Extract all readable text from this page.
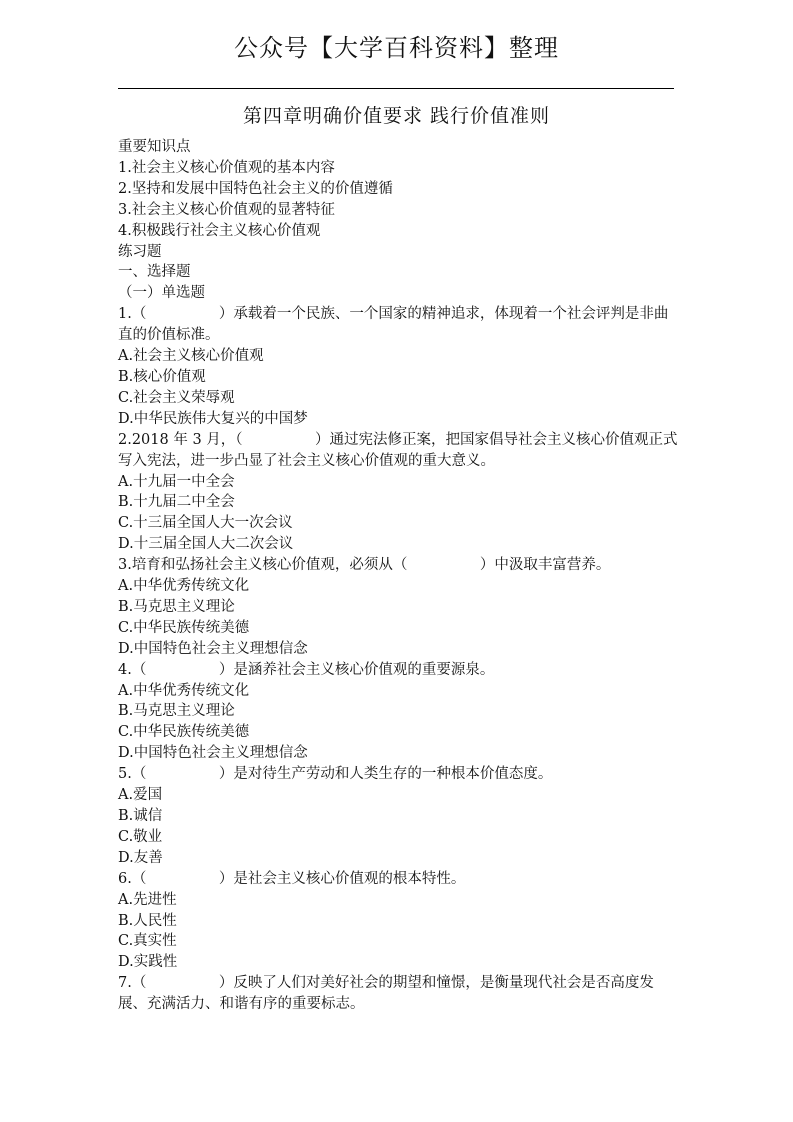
公众号【大学百科资料】整理
第四章明确价值要求 践行价值准则
重要知识点
1.社会主义核心价值观的基本内容
2.坚持和发展中国特色社会主义的价值遵循
3.社会主义核心价值观的显著特征
4.积极践行社会主义核心价值观
练习题
一、选择题
（一）单选题
1.（　　　　　）承载着一个民族、一个国家的精神追求，体现着一个社会评判是非曲直的价值标准。
A.社会主义核心价值观
B.核心价值观
C.社会主义荣辱观
D.中华民族伟大复兴的中国梦
2.2018 年 3 月，（　　　　　）通过宪法修正案，把国家倡导社会主义核心价值观正式写入宪法，进一步凸显了社会主义核心价值观的重大意义。
A.十九届一中全会
B.十九届二中全会
C.十三届全国人大一次会议
D.十三届全国人大二次会议
3.培育和弘扬社会主义核心价值观，必须从（　　　　　）中汲取丰富营养。
A.中华优秀传统文化
B.马克思主义理论
C.中华民族传统美德
D.中国特色社会主义理想信念
4.（　　　　　）是涵养社会主义核心价值观的重要源泉。
A.中华优秀传统文化
B.马克思主义理论
C.中华民族传统美德
D.中国特色社会主义理想信念
5.（　　　　　）是对待生产劳动和人类生存的一种根本价值态度。
A.爱国
B.诚信
C.敬业
D.友善
6.（　　　　　）是社会主义核心价值观的根本特性。
A.先进性
B.人民性
C.真实性
D.实践性
7.（　　　　　）反映了人们对美好社会的期望和憧憬，是衡量现代社会是否高度发展、充满活力、和谐有序的重要标志。
